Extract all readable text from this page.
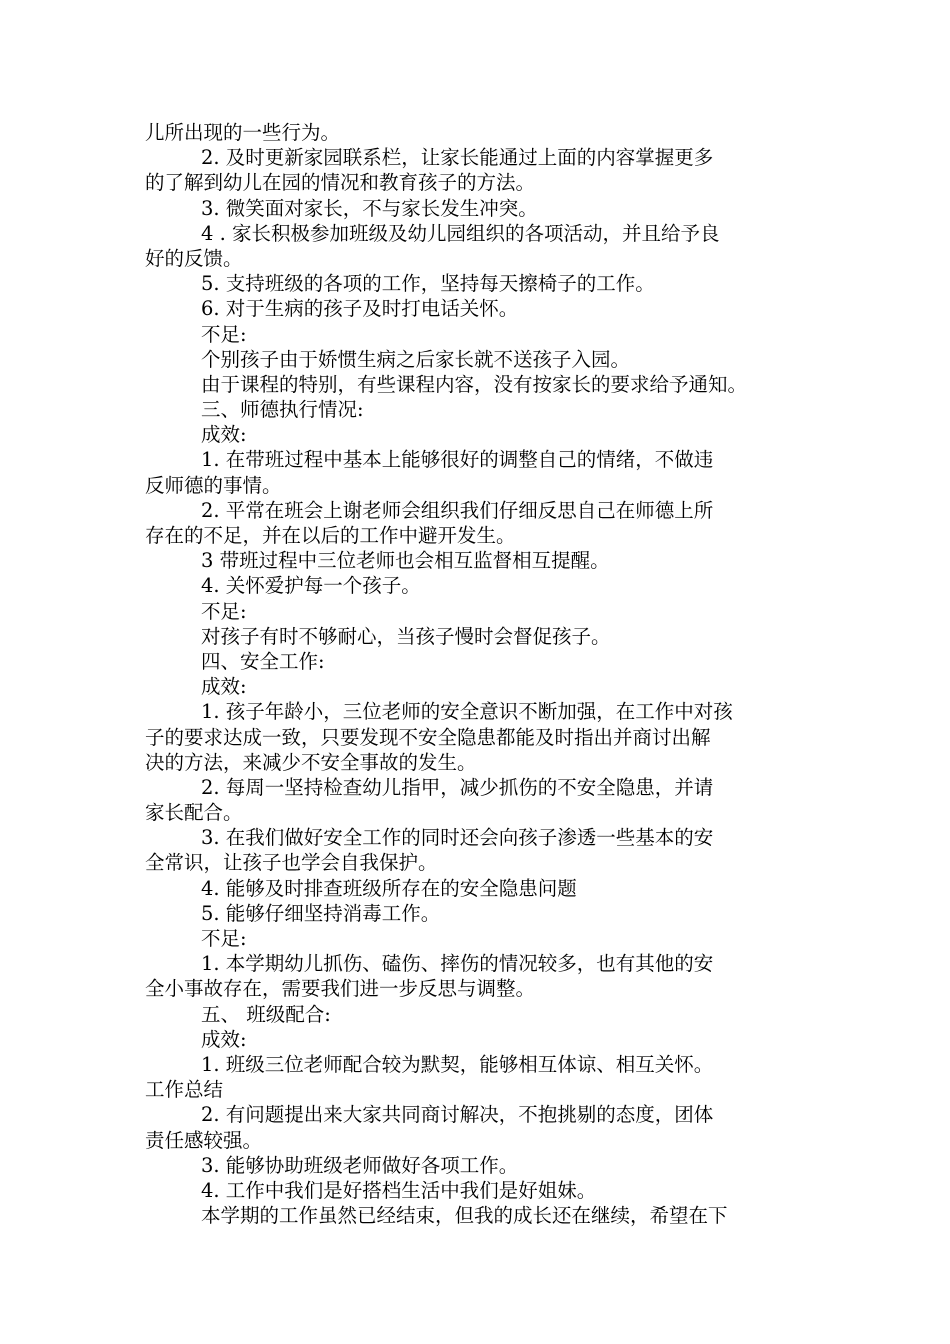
儿所出现的一些行为。
2. 及时更新家园联系栏，让家长能通过上面的内容掌握更多
的了解到幼儿在园的情况和教育孩子的方法。
3. 微笑面对家长，不与家长发生冲突。
4 . 家长积极参加班级及幼儿园组织的各项活动，并且给予良
好的反馈。
5. 支持班级的各项的工作，坚持每天擦椅子的工作。
6. 对于生病的孩子及时打电话关怀。
不足:
个别孩子由于娇惯生病之后家长就不送孩子入园。
由于课程的特别，有些课程内容，没有按家长的要求给予通知。
三、师德执行情况:
成效:
1. 在带班过程中基本上能够很好的调整自己的情绪，不做违
反师德的事情。
2. 平常在班会上谢老师会组织我们仔细反思自己在师德上所
存在的不足，并在以后的工作中避开发生。
3 带班过程中三位老师也会相互监督相互提醒。
4. 关怀爱护每一个孩子。
不足:
对孩子有时不够耐心，当孩子慢时会督促孩子。
四、安全工作:
成效:
1. 孩子年龄小，三位老师的安全意识不断加强，在工作中对孩
子的要求达成一致，只要发现不安全隐患都能及时指出并商讨出解
决的方法，来减少不安全事故的发生。
2. 每周一坚持检查幼儿指甲，减少抓伤的不安全隐患，并请
家长配合。
3. 在我们做好安全工作的同时还会向孩子渗透一些基本的安
全常识，让孩子也学会自我保护。
4. 能够及时排查班级所存在的安全隐患问题
5. 能够仔细坚持消毒工作。
不足:
1. 本学期幼儿抓伤、磕伤、摔伤的情况较多，也有其他的安
全小事故存在，需要我们进一步反思与调整。
五、 班级配合:
成效:
1. 班级三位老师配合较为默契，能够相互体谅、相互关怀。
工作总结
2. 有问题提出来大家共同商讨解决，不抱挑剔的态度，团体
责任感较强。
3. 能够协助班级老师做好各项工作。
4. 工作中我们是好搭档生活中我们是好姐妹。
本学期的工作虽然已经结束，但我的成长还在继续，希望在下
